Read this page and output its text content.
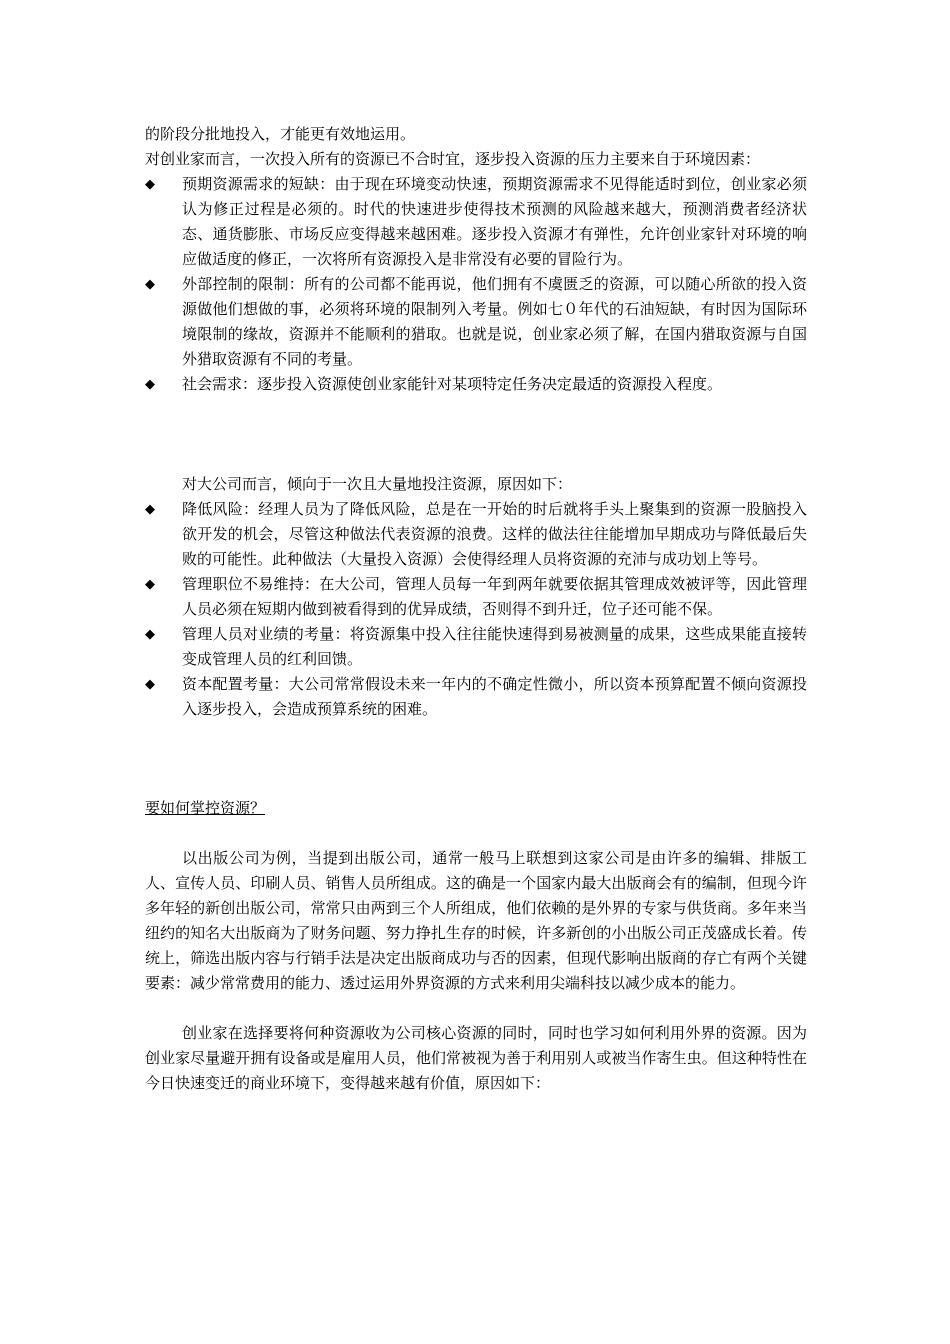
的阶段分批地投入，才能更有效地运用。

对创业家而言，一次投入所有的资源已不合时宜，逐步投入资源的压力主要来自于环境因素：

◆ 预期资源需求的短缺：由于现在环境变动快速，预期资源需求不见得能适时到位，创业家必须认为修正过程是必须的。时代的快速进步使得技术预测的风险越来越大，预测消费者经济状态、通货膨胀、市场反应变得越来越困难。逐步投入资源才有弹性，允许创业家针对环境的响应做适度的修正，一次将所有资源投入是非常没有必要的冒险行为。
◆ 外部控制的限制：所有的公司都不能再说，他们拥有不虞匮乏的资源，可以随心所欲的投入资源做他们想做的事，必须将环境的限制列入考量。例如七０年代的石油短缺，有时因为国际环境限制的缘故，资源并不能顺利的猎取。也就是说，创业家必须了解，在国内猎取资源与自国外猎取资源有不同的考量。
◆ 社会需求：逐步投入资源使创业家能针对某项特定任务决定最适的资源投入程度。

对大公司而言，倾向于一次且大量地投注资源，原因如下：

◆ 降低风险：经理人员为了降低风险，总是在一开始的时后就将手头上聚集到的资源一股脑投入欲开发的机会，尽管这种做法代表资源的浪费。这样的做法往往能增加早期成功与降低最后失败的可能性。此种做法（大量投入资源）会使得经理人员将资源的充沛与成功划上等号。
◆ 管理职位不易维持：在大公司，管理人员每一年到两年就要依据其管理成效被评等，因此管理人员必须在短期内做到被看得到的优异成绩，否则得不到升迁，位子还可能不保。
◆ 管理人员对业绩的考量：将资源集中投入往往能快速得到易被测量的成果，这些成果能直接转变成管理人员的红利回馈。
◆ 资本配置考量：大公司常常假设未来一年内的不确定性微小，所以资本预算配置不倾向资源投入逐步投入，会造成预算系统的困难。

要如何掌控资源？

以出版公司为例，当提到出版公司，通常一般马上联想到这家公司是由许多的编辑、排版工人、宣传人员、印刷人员、销售人员所组成。这的确是一个国家内最大出版商会有的编制，但现今许多年轻的新创出版公司，常常只由两到三个人所组成，他们依赖的是外界的专家与供货商。多年来当纽约的知名大出版商为了财务问题、努力挣扎生存的时候，许多新创的小出版公司正茂盛成长着。传统上，筛选出版内容与行销手法是决定出版商成功与否的因素，但现代影响出版商的存亡有两个关键要素：减少常常费用的能力、透过运用外界资源的方式来利用尖端科技以减少成本的能力。

创业家在选择要将何种资源收为公司核心资源的同时，同时也学习如何利用外界的资源。因为创业家尽量避开拥有设备或是雇用人员，他们常被视为善于利用别人或被当作寄生虫。但这种特性在今日快速变迁的商业环境下，变得越来越有价值，原因如下：
